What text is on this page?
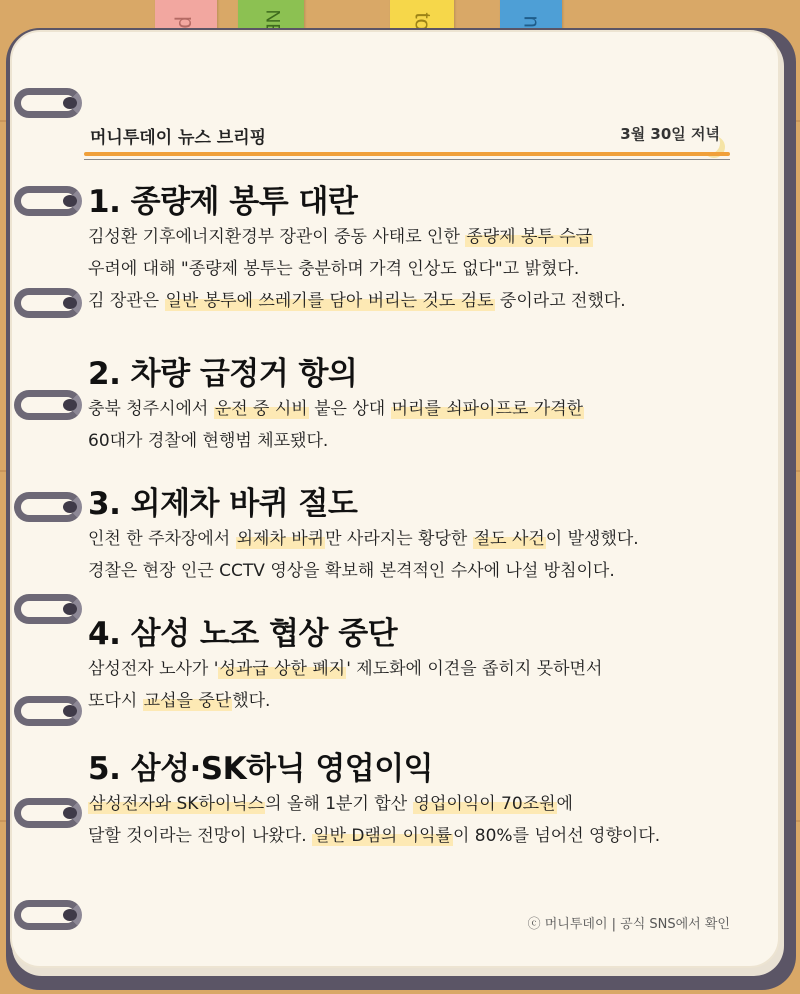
머니투데이 뉴스 브리핑	3월 30일 저녁
1. 종량제 봉투 대란
김성환 기후에너지환경부 장관이 중동 사태로 인한 종량제 봉투 수급
우려에 대해 "종량제 봉투는 충분하며 가격 인상도 없다"고 밝혔다.
김 장관은 일반 봉투에 쓰레기를 담아 버리는 것도 검토 중이라고 전했다.
2. 차량 급정거 항의
충북 청주시에서 운전 중 시비 붙은 상대 머리를 쇠파이프로 가격한
60대가 경찰에 현행범 체포됐다.
3. 외제차 바퀴 절도
인천 한 주차장에서 외제차 바퀴만 사라지는 황당한 절도 사건이 발생했다.
경찰은 현장 인근 CCTV 영상을 확보해 본격적인 수사에 나설 방침이다.
4. 삼성 노조 협상 중단
삼성전자 노사가 '성과급 상한 폐지' 제도화에 이견을 좁히지 못하면서
또다시 교섭을 중단했다.
5. 삼성·SK하닉 영업이익
삼성전자와 SK하이닉스의 올해 1분기 합산 영업이익이 70조원에
달할 것이라는 전망이 나왔다. 일반 D램의 이익률이 80%를 넘어선 영향이다.
ⓒ 머니투데이 | 공식 SNS에서 확인
